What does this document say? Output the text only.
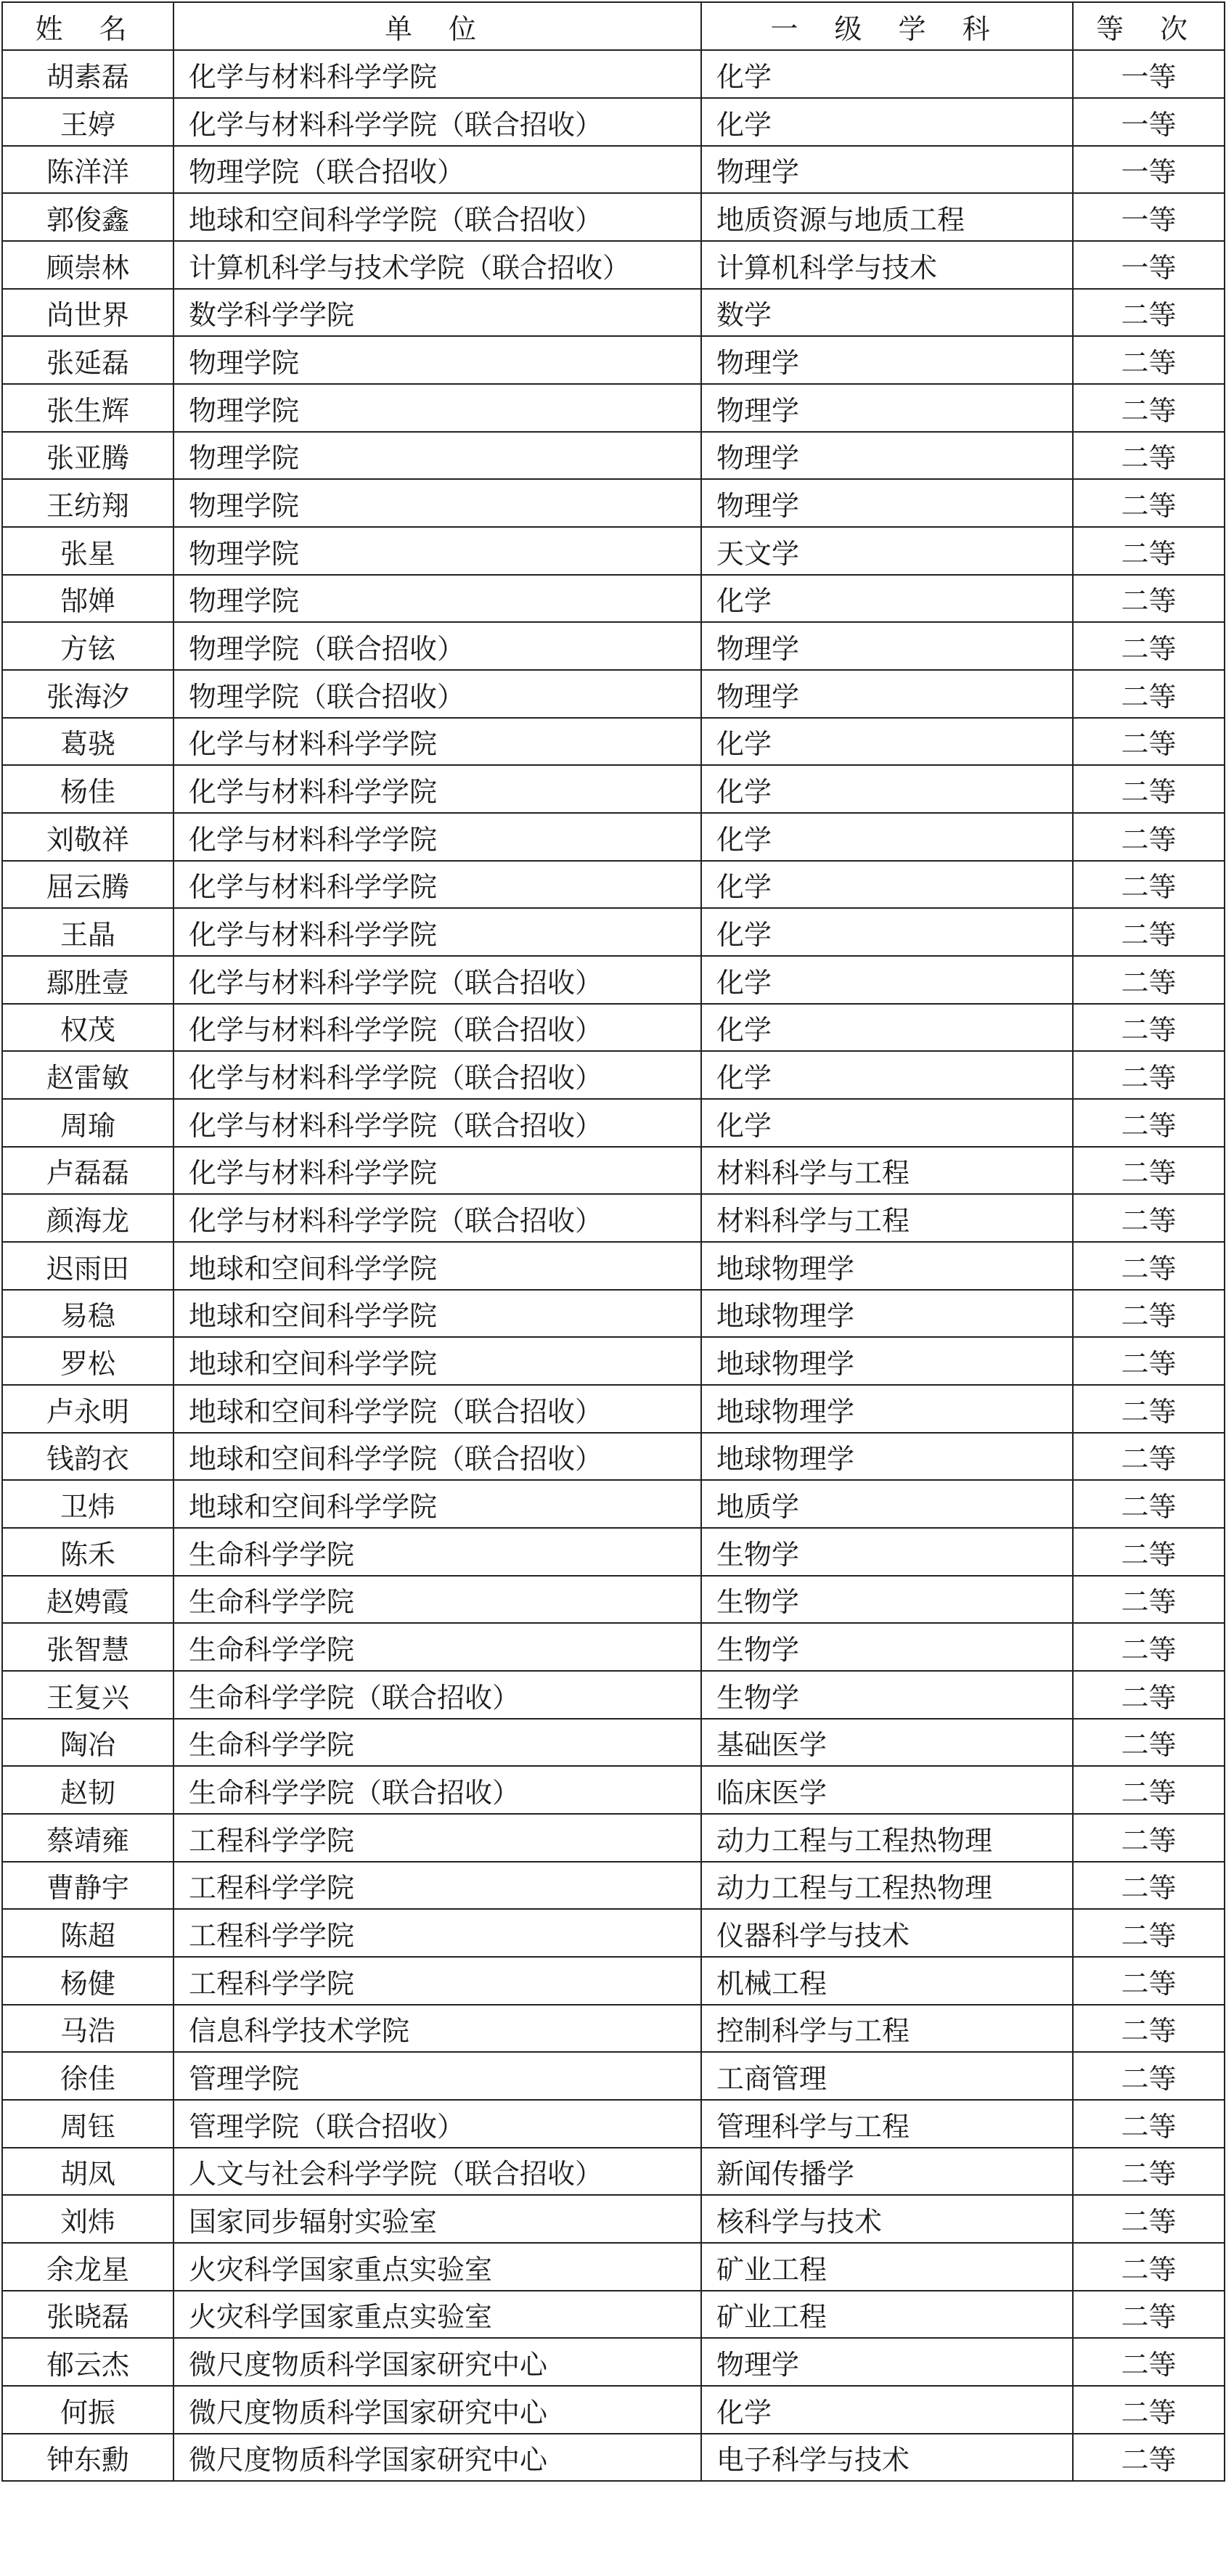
姓 名	单 位	一 级 学 科	等 次
胡素磊	化学与材料科学学院	化学	一等
王婷	化学与材料科学学院（联合招收）	化学	一等
陈洋洋	物理学院（联合招收）	物理学	一等
郭俊鑫	地球和空间科学学院（联合招收）	地质资源与地质工程	一等
顾崇林	计算机科学与技术学院（联合招收）	计算机科学与技术	一等
尚世界	数学科学学院	数学	二等
张延磊	物理学院	物理学	二等
张生辉	物理学院	物理学	二等
张亚腾	物理学院	物理学	二等
王纺翔	物理学院	物理学	二等
张星	物理学院	天文学	二等
郜婵	物理学院	化学	二等
方铉	物理学院（联合招收）	物理学	二等
张海汐	物理学院（联合招收）	物理学	二等
葛骁	化学与材料科学学院	化学	二等
杨佳	化学与材料科学学院	化学	二等
刘敬祥	化学与材料科学学院	化学	二等
屈云腾	化学与材料科学学院	化学	二等
王晶	化学与材料科学学院	化学	二等
鄢胜壹	化学与材料科学学院（联合招收）	化学	二等
权茂	化学与材料科学学院（联合招收）	化学	二等
赵雷敏	化学与材料科学学院（联合招收）	化学	二等
周瑜	化学与材料科学学院（联合招收）	化学	二等
卢磊磊	化学与材料科学学院	材料科学与工程	二等
颜海龙	化学与材料科学学院（联合招收）	材料科学与工程	二等
迟雨田	地球和空间科学学院	地球物理学	二等
易稳	地球和空间科学学院	地球物理学	二等
罗松	地球和空间科学学院	地球物理学	二等
卢永明	地球和空间科学学院（联合招收）	地球物理学	二等
钱韵衣	地球和空间科学学院（联合招收）	地球物理学	二等
卫炜	地球和空间科学学院	地质学	二等
陈禾	生命科学学院	生物学	二等
赵娉霞	生命科学学院	生物学	二等
张智慧	生命科学学院	生物学	二等
王复兴	生命科学学院（联合招收）	生物学	二等
陶冶	生命科学学院	基础医学	二等
赵韧	生命科学学院（联合招收）	临床医学	二等
蔡靖雍	工程科学学院	动力工程与工程热物理	二等
曹静宇	工程科学学院	动力工程与工程热物理	二等
陈超	工程科学学院	仪器科学与技术	二等
杨健	工程科学学院	机械工程	二等
马浩	信息科学技术学院	控制科学与工程	二等
徐佳	管理学院	工商管理	二等
周钰	管理学院（联合招收）	管理科学与工程	二等
胡凤	人文与社会科学学院（联合招收）	新闻传播学	二等
刘炜	国家同步辐射实验室	核科学与技术	二等
余龙星	火灾科学国家重点实验室	矿业工程	二等
张晓磊	火灾科学国家重点实验室	矿业工程	二等
郁云杰	微尺度物质科学国家研究中心	物理学	二等
何振	微尺度物质科学国家研究中心	化学	二等
钟东勳	微尺度物质科学国家研究中心	电子科学与技术	二等
